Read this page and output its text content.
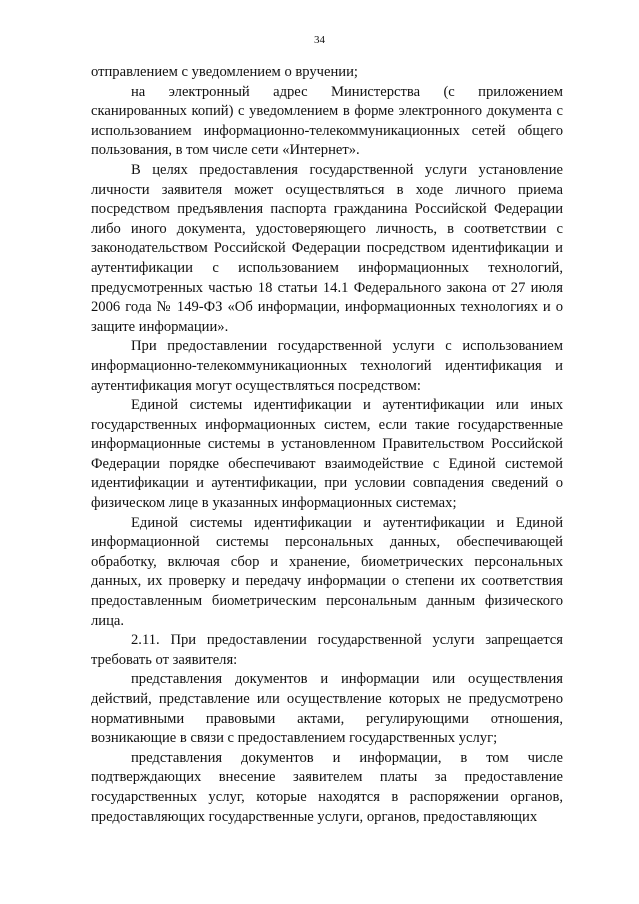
34

отправлением с уведомлением о вручении;

на электронный адрес Министерства (с приложением сканированных копий) с уведомлением в форме электронного документа с использованием информационно-телекоммуникационных сетей общего пользования, в том числе сети «Интернет».

В целях предоставления государственной услуги установление личности заявителя может осуществляться в ходе личного приема посредством предъявления паспорта гражданина Российской Федерации либо иного документа, удостоверяющего личность, в соответствии с законодательством Российской Федерации посредством идентификации и аутентификации с использованием информационных технологий, предусмотренных частью 18 статьи 14.1 Федерального закона от 27 июля 2006 года № 149-ФЗ «Об информации, информационных технологиях и о защите информации».

При предоставлении государственной услуги с использованием информационно-телекоммуникационных технологий идентификация и аутентификация могут осуществляться посредством:

Единой системы идентификации и аутентификации или иных государственных информационных систем, если такие государственные информационные системы в установленном Правительством Российской Федерации порядке обеспечивают взаимодействие с Единой системой идентификации и аутентификации, при условии совпадения сведений о физическом лице в указанных информационных системах;

Единой системы идентификации и аутентификации и Единой информационной системы персональных данных, обеспечивающей обработку, включая сбор и хранение, биометрических персональных данных, их проверку и передачу информации о степени их соответствия предоставленным биометрическим персональным данным физического лица.

2.11. При предоставлении государственной услуги запрещается требовать от заявителя:

представления документов и информации или осуществления действий, представление или осуществление которых не предусмотрено нормативными правовыми актами, регулирующими отношения, возникающие в связи с предоставлением государственных услуг;

представления документов и информации, в том числе подтверждающих внесение заявителем платы за предоставление государственных услуг, которые находятся в распоряжении органов, предоставляющих государственные услуги, органов, предоставляющих
